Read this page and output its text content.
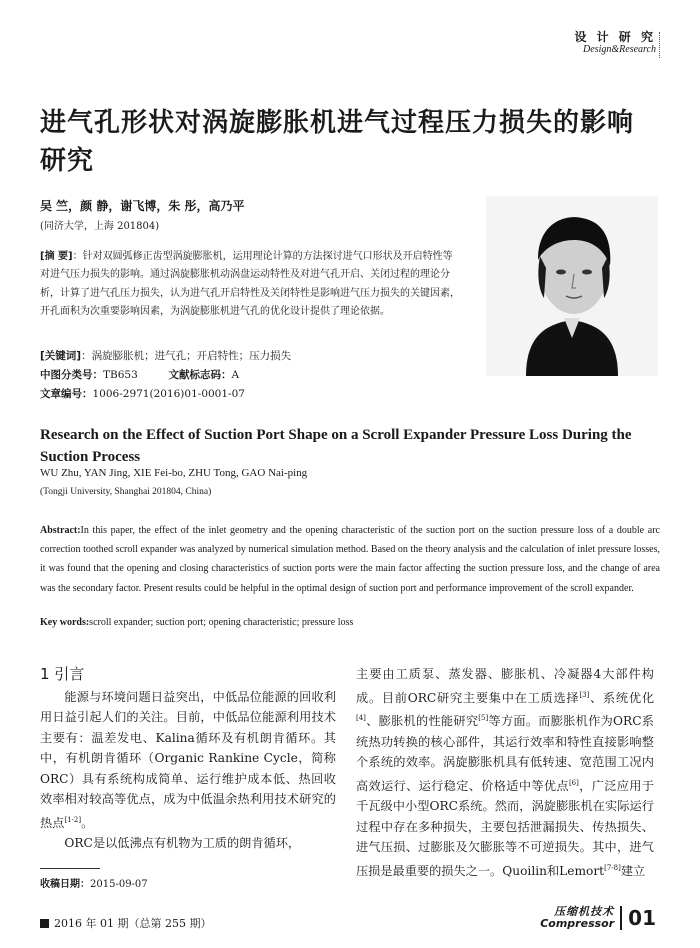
设 计 研 究
Design&Research
进气孔形状对涡旋膨胀机进气过程压力损失的影响研究
吴 竺，颜 静，谢飞博，朱 彤，高乃平
(同济大学，上海 201804)
[摘 要]：针对双圆弧修正齿型涡旋膨胀机，运用理论计算的方法探讨进气口形状及开启特性等对进气压力损失的影响。通过涡旋膨胀机动涡盘运动特性及对进气孔开启、关闭过程的理论分析，计算了进气孔压力损失，认为进气孔开启特性及关闭特性是影响进气压力损失的关键因素，开孔面积为次重要影响因素，为涡旋膨胀机进气孔的优化设计提供了理论依据。
[关键词]：涡旋膨胀机；进气孔；开启特性；压力损失
中图分类号：TB653	文献标志码：A
文章编号：1006-2971(2016)01-0001-07
Research on the Effect of Suction Port Shape on a Scroll Expander Pressure Loss During the Suction Process
WU Zhu, YAN Jing, XIE Fei-bo, ZHU Tong, GAO Nai-ping
(Tongji University, Shanghai 201804, China)
Abstract:In this paper, the effect of the inlet geometry and the opening characteristic of the suction port on the suction pressure loss of a double arc correction toothed scroll expander was analyzed by numerical simulation method. Based on the theory analysis and the calculation of inlet pressure losses, it was found that the opening and closing characteristics of suction ports were the main factor affecting the suction pressure loss, and the change of area was the secondary factor. Present results could be helpful in the optimal design of suction port and performance improvement of the scroll expander.
Key words:scroll expander; suction port; opening characteristic; pressure loss

1 引言

能源与环境问题日益突出，中低品位能源的回收利用日益引起人们的关注。目前，中低品位能源利用技术主要有：温差发电、Kalina循环及有机朗肯循环。其中，有机朗肯循环（Organic Rankine Cycle，简称ORC）具有系统构成简单、运行维护成本低、热回收效率相对较高等优点，成为中低温余热利用技术研究的热点[1-2]。

ORC是以低沸点有机物为工质的朗肯循环，

主要由工质泵、蒸发器、膨胀机、冷凝器4大部件构成。目前ORC研究主要集中在工质选择[3]、系统优化[4]、膨胀机的性能研究[5]等方面。而膨胀机作为ORC系统热功转换的核心部件，其运行效率和特性直接影响整个系统的效率。涡旋膨胀机具有低转速、宽范围工况内高效运行、运行稳定、价格适中等优点[6]，广泛应用于千瓦级中小型ORC系统。然而，涡旋膨胀机在实际运行过程中存在多种损失，主要包括泄漏损失、传热损失、进气压损、过膨胀及欠膨胀等不可逆损失。其中，进气压损是最重要的损失之一。Quoilin和Lemort[7-8]建立

收稿日期：2015-09-07
2016 年 01 期（总第 255 期）
压缩机技术
Compressor 01
